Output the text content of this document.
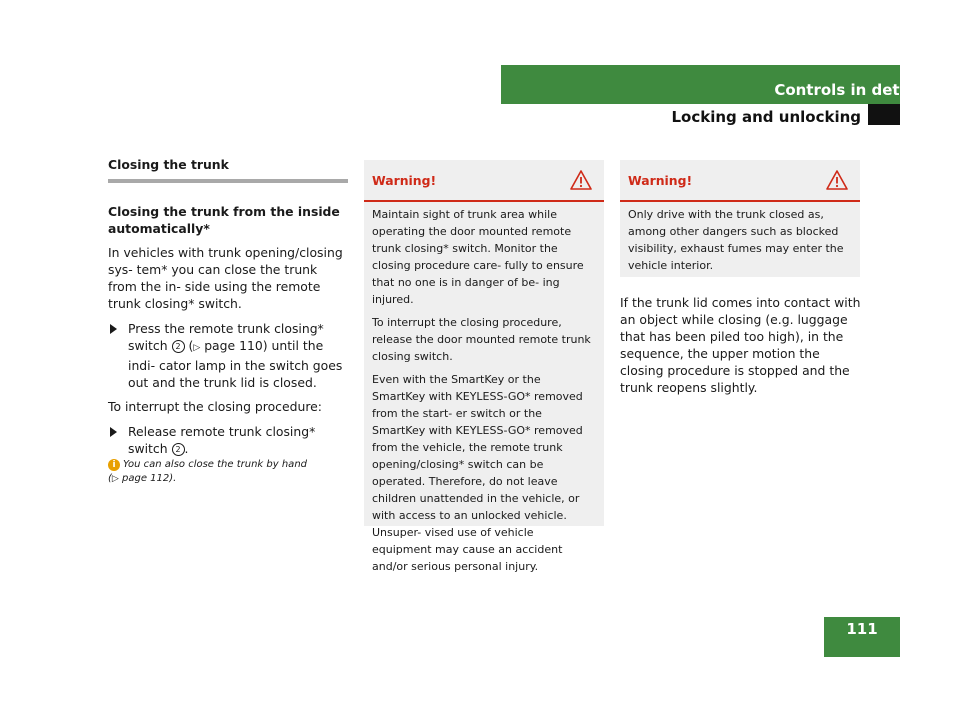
Controls in detail
Locking and unlocking
Closing the trunk
Closing the trunk from the inside automatically*

In vehicles with trunk opening/closing sys- tem* you can close the trunk from the in- side using the remote trunk closing* switch.

Press the remote trunk closing* switch 2 (▷ page 110) until the indi- cator lamp in the switch goes out and the trunk lid is closed.

To interrupt the closing procedure:

Release remote trunk closing* switch 2 .
i You can also close the trunk by hand
(▷ page 112).
Warning!

Maintain sight of trunk area while operating the door mounted remote trunk closing* switch. Monitor the closing procedure care- fully to ensure that no one is in danger of be- ing injured.

To interrupt the closing procedure, release the door mounted remote trunk closing switch.

Even with the SmartKey or the SmartKey with KEYLESS-GO* removed from the start- er switch or the SmartKey with KEYLESS-GO* removed from the vehicle, the remote trunk opening/closing* switch can be operated. Therefore, do not leave children unattended in the vehicle, or with access to an unlocked vehicle. Unsuper- vised use of vehicle equipment may cause an accident and/or serious personal injury.

Warning!

Only drive with the trunk closed as, among other dangers such as blocked visibility, exhaust fumes may enter the vehicle interior.

If the trunk lid comes into contact with an object while closing (e.g. luggage that has been piled too high), in the sequence, the upper motion the closing procedure is stopped and the trunk reopens slightly.

111
